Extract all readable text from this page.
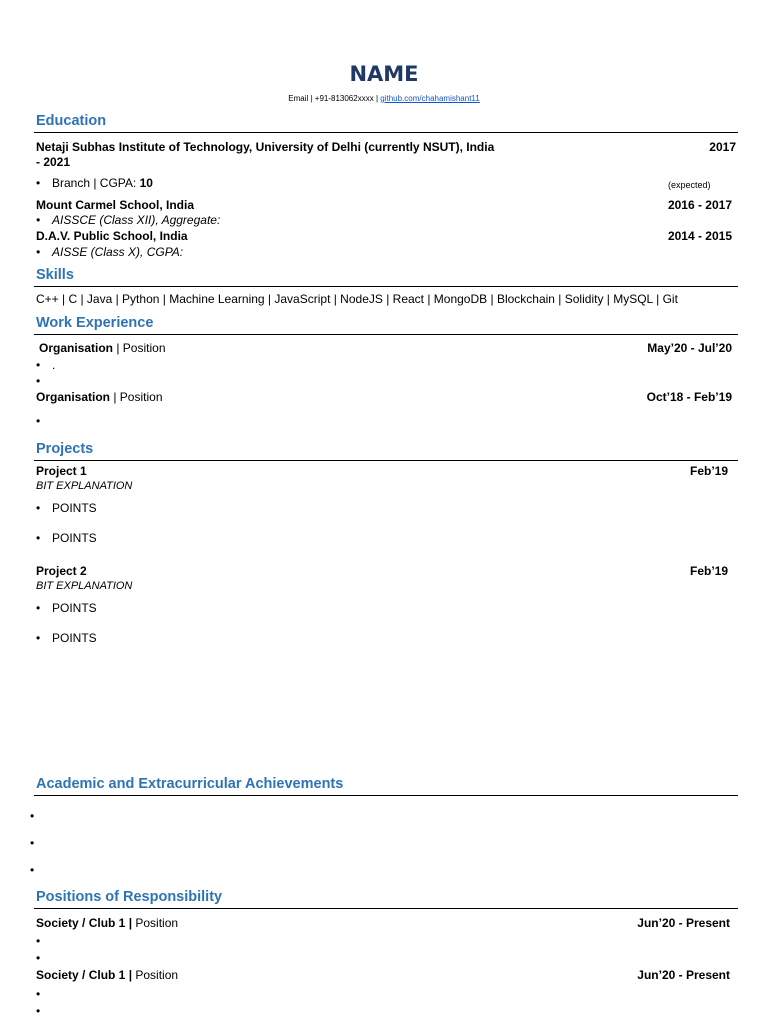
NAME
Email | +91-813062xxxx | github.com/chahamishant11
Education
Netaji Subhas Institute of Technology, University of Delhi (currently NSUT), India	2017
- 2021
• Branch | CGPA: 10	(expected)
Mount Carmel School, India	2016 - 2017
• AISSCE (Class XII), Aggregate:
D.A.V. Public School, India	2014 - 2015
• AISSE (Class X), CGPA:
Skills
C++ | C | Java | Python | Machine Learning | JavaScript | NodeJS | React | MongoDB | Blockchain | Solidity | MySQL | Git
Work Experience
Organisation | Position	May’20 - Jul’20
• .
•
Organisation | Position	Oct’18 - Feb’19
•
Projects
Project 1	Feb’19
BIT EXPLANATION
• POINTS
• POINTS
Project 2	Feb’19
BIT EXPLANATION
• POINTS
• POINTS
Academic and Extracurricular Achievements
•
•
•
Positions of Responsibility
Society / Club 1 | Position	Jun’20 - Present
•
•
Society / Club 1 | Position	Jun’20 - Present
•
•
